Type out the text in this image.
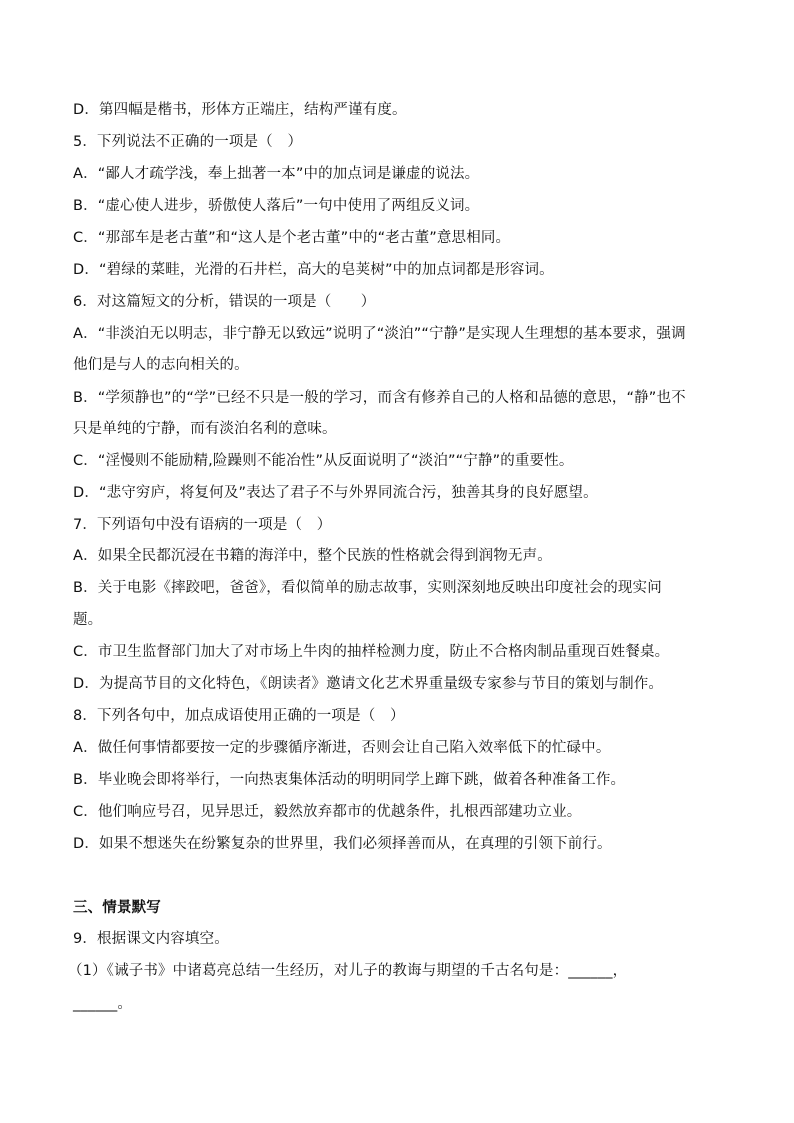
D．第四幅是楷书，形体方正端庄，结构严谨有度。
5．下列说法不正确的一项是（　）
A．“鄙人才疏学浅，奉上拙著一本”中的加点词是谦虚的说法。
B．“虚心使人进步，骄傲使人落后”一句中使用了两组反义词。
C．“那部车是老古董”和“这人是个老古董”中的“老古董”意思相同。
D．“碧绿的菜畦，光滑的石井栏，高大的皂荚树”中的加点词都是形容词。
6．对这篇短文的分析，错误的一项是（　　）
A．“非淡泊无以明志，非宁静无以致远”说明了“淡泊”“宁静”是实现人生理想的基本要求，强调
他们是与人的志向相关的。
B．“学须静也”的“学”已经不只是一般的学习，而含有修养自己的人格和品德的意思，“静”也不
只是单纯的宁静，而有淡泊名利的意味。
C．“淫慢则不能励精,险躁则不能冶性”从反面说明了“淡泊”“宁静”的重要性。
D．“悲守穷庐，将复何及”表达了君子不与外界同流合污，独善其身的良好愿望。
7．下列语句中没有语病的一项是（　）
A．如果全民都沉浸在书籍的海洋中，整个民族的性格就会得到润物无声。
B．关于电影《摔跤吧，爸爸》，看似简单的励志故事，实则深刻地反映出印度社会的现实问
题。
C．市卫生监督部门加大了对市场上牛肉的抽样检测力度，防止不合格肉制品重现百姓餐桌。
D．为提高节目的文化特色，《朗读者》邀请文化艺术界重量级专家参与节目的策划与制作。
8．下列各句中，加点成语使用正确的一项是（　）
A．做任何事情都要按一定的步骤循序渐进，否则会让自己陷入效率低下的忙碌中。
B．毕业晚会即将举行，一向热衷集体活动的明明同学上蹿下跳，做着各种准备工作。
C．他们响应号召，见异思迁，毅然放弃都市的优越条件，扎根西部建功立业。
D．如果不想迷失在纷繁复杂的世界里，我们必须择善而从，在真理的引领下前行。
三、情景默写
9．根据课文内容填空。
（1）《诫子书》中诸葛亮总结一生经历，对儿子的教诲与期望的千古名句是：______，
______。
